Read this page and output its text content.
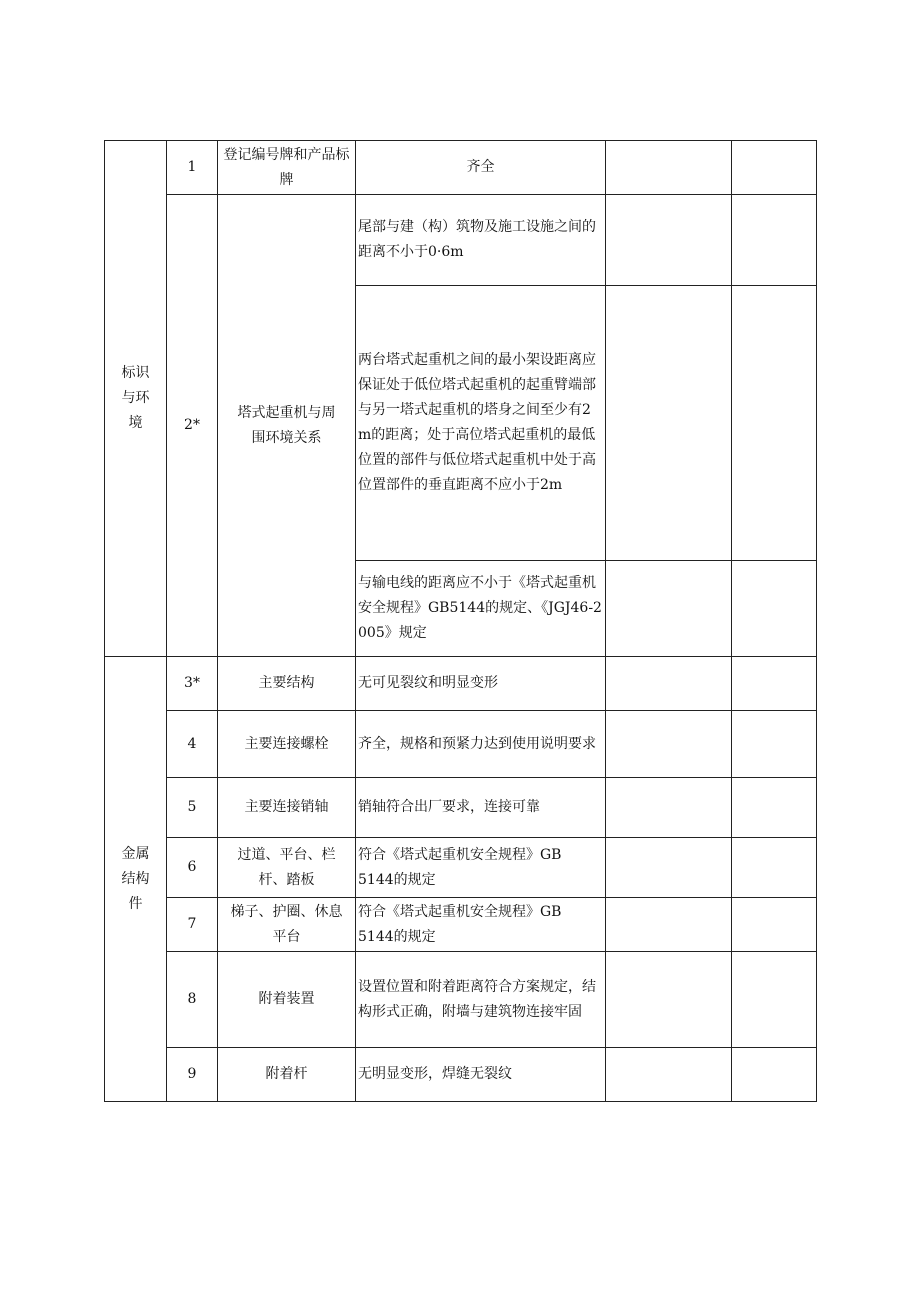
标识与环境	1	登记编号牌和产品标牌	齐全		
	2*	塔式起重机与周围环境关系	尾部与建（构）筑物及施工设施之间的距离不小于0·6m		
			两台塔式起重机之间的最小架设距离应保证处于低位塔式起重机的起重臂端部与另一塔式起重机的塔身之间至少有2m的距离；处于高位塔式起重机的最低位置的部件与低位塔式起重机中处于高位置部件的垂直距离不应小于2m		
			与输电线的距离应不小于《塔式起重机安全规程》GB5144的规定、《JGJ46-2005》规定		

金属结构件	3*	主要结构	无可见裂纹和明显变形		
	4	主要连接螺栓	齐全，规格和预紧力达到使用说明要求		
	5	主要连接销轴	销轴符合出厂要求，连接可靠		
	6	过道、平台、栏杆、踏板	符合《塔式起重机安全规程》GB5144的规定		

	7	梯子、护圈、休息平台	符合《塔式起重机安全规程》GB5144的规定		

	8	附着装置	设置位置和附着距离符合方案规定，结构形式正确，附墙与建筑物连接牢固		
	9	附着杆	无明显变形，焊缝无裂纹		
